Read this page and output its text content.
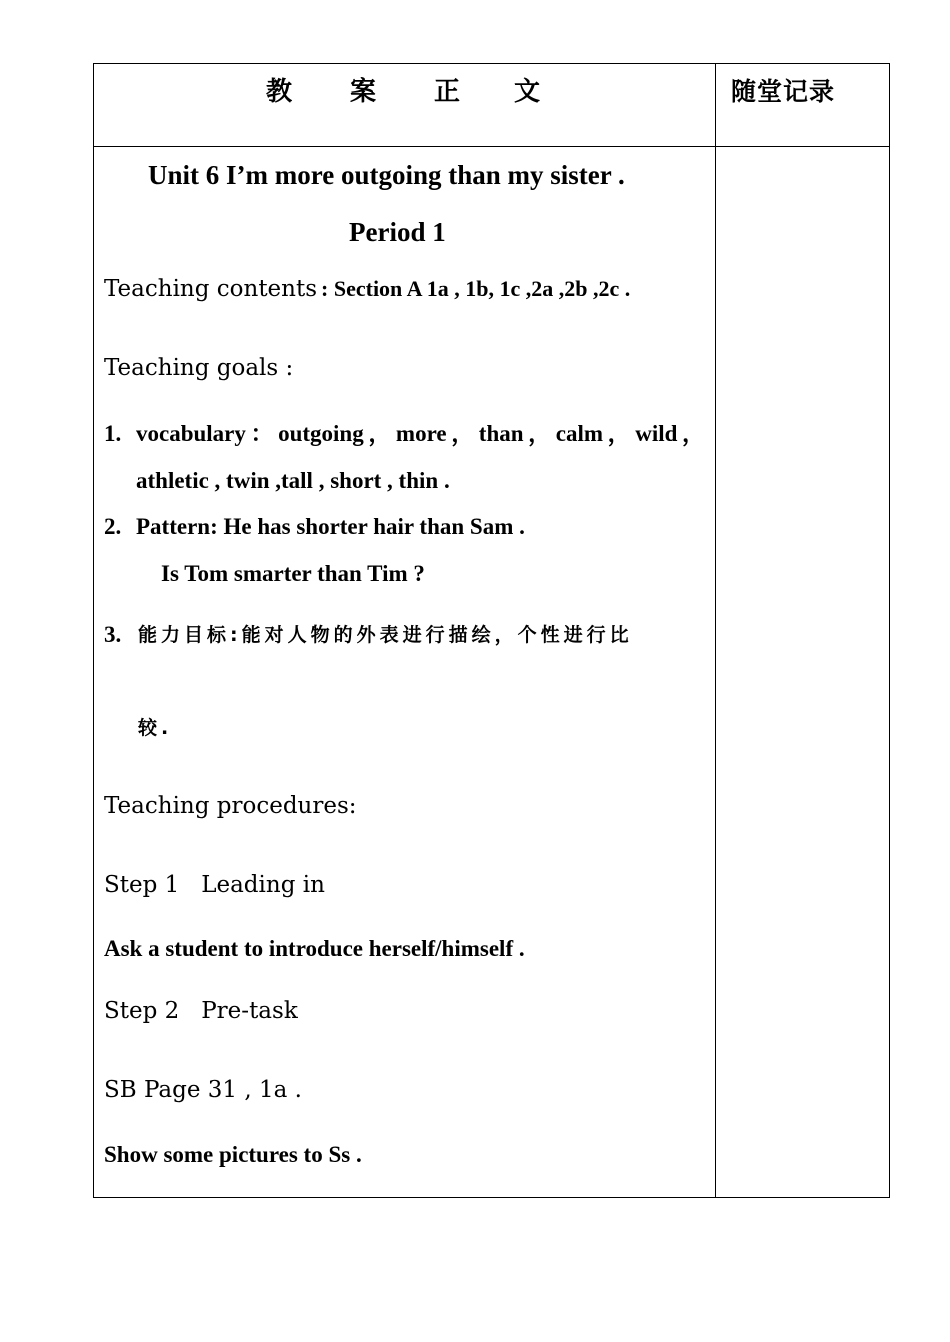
教 案 正 文	随堂记录
Unit 6 I’m more outgoing than my sister .
Period 1
Teaching contents : Section A 1a , 1b, 1c ,2a ,2b ,2c .
Teaching goals :
1. vocabulary：outgoing，more，than，calm，wild，
athletic , twin ,tall , short , thin .
2. Pattern: He has shorter hair than Sam .
Is Tom smarter than Tim ?
3. 能力目标:能对人物的外表进行描绘，个性进行比
较.
Teaching procedures:
Step 1   Leading in
Ask a student to introduce herself/himself .
Step 2   Pre-task
SB Page 31 , 1a .
Show some pictures to Ss .
